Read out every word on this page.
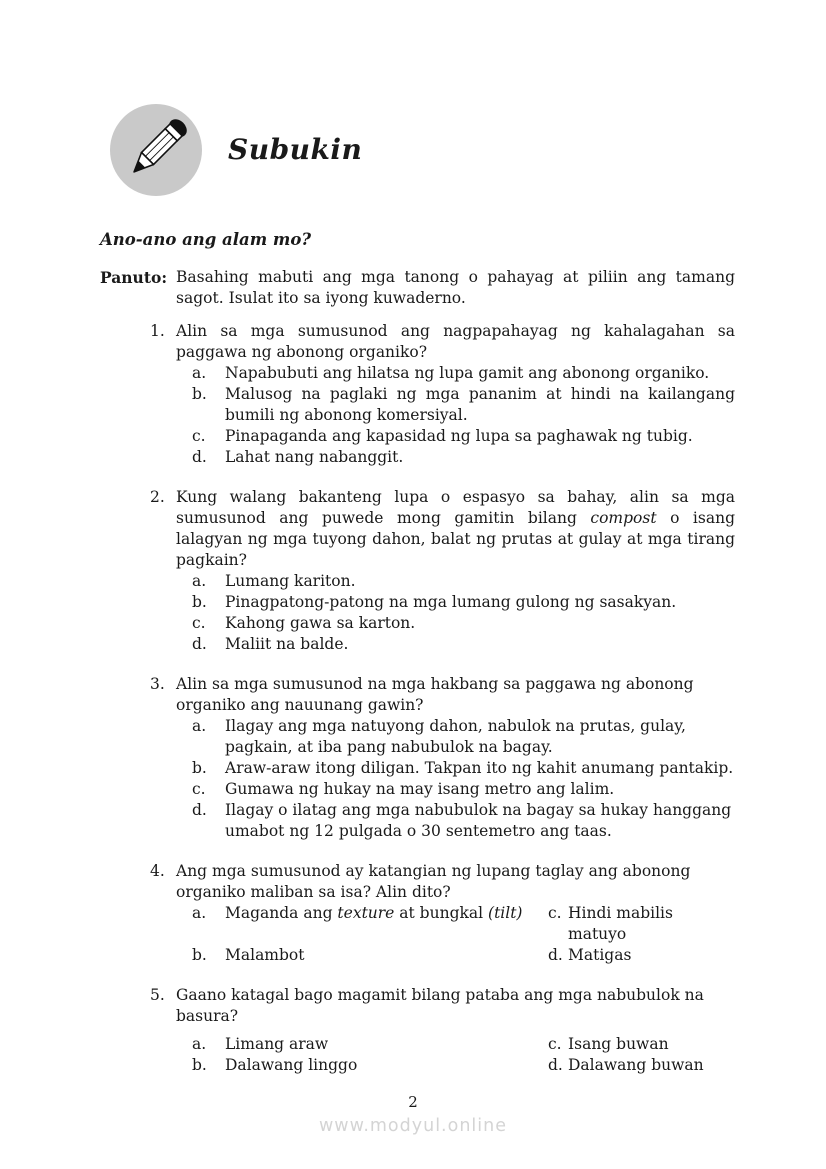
Subukin
Ano-ano ang alam mo?
Panuto: Basahing mabuti ang mga tanong o pahayag at piliin ang tamang sagot. Isulat ito sa iyong kuwaderno.
1. Alin sa mga sumusunod ang nagpapahayag ng kahalagahan sa paggawa ng abonong organiko?
a.	Napabubuti ang hilatsa ng lupa gamit ang abonong organiko.
b.	Malusog na paglaki ng mga pananim at hindi na kailangang bumili ng abonong komersiyal.
c.	Pinapaganda ang kapasidad ng lupa sa paghawak ng tubig.
d.	Lahat nang nabanggit.
2. Kung walang bakanteng lupa o espasyo sa bahay, alin sa mga sumusunod ang puwede mong gamitin bilang compost o isang lalagyan ng mga tuyong dahon, balat ng prutas at gulay at mga tirang pagkain?
a.	Lumang kariton.
b.	Pinagpatong-patong na mga lumang gulong ng sasakyan.
c.	Kahong gawa sa karton.
d.	Maliit na balde.
3. Alin sa mga sumusunod na mga hakbang sa paggawa ng abonong organiko ang nauunang gawin?
a.	Ilagay ang mga natuyong dahon, nabulok na prutas, gulay, pagkain, at iba pang nabubulok na bagay.
b.	Araw-araw itong diligan. Takpan ito ng kahit anumang pantakip.
c.	Gumawa ng hukay na may isang metro ang lalim.
d.	Ilagay o ilatag ang mga nabubulok na bagay sa hukay hanggang umabot ng 12 pulgada o 30 sentemetro ang taas.
4. Ang mga sumusunod ay katangian ng lupang taglay ang abonong organiko maliban sa isa? Alin dito?
a.	Maganda ang texture at bungkal (tilt)	c. Hindi mabilis matuyo
b.	Malambot	d. Matigas
5. Gaano katagal bago magamit bilang pataba ang mga nabubulok na basura?
a.	Limang araw	c. Isang buwan
b.	Dalawang linggo	d. Dalawang buwan
2
www.modyul.online
